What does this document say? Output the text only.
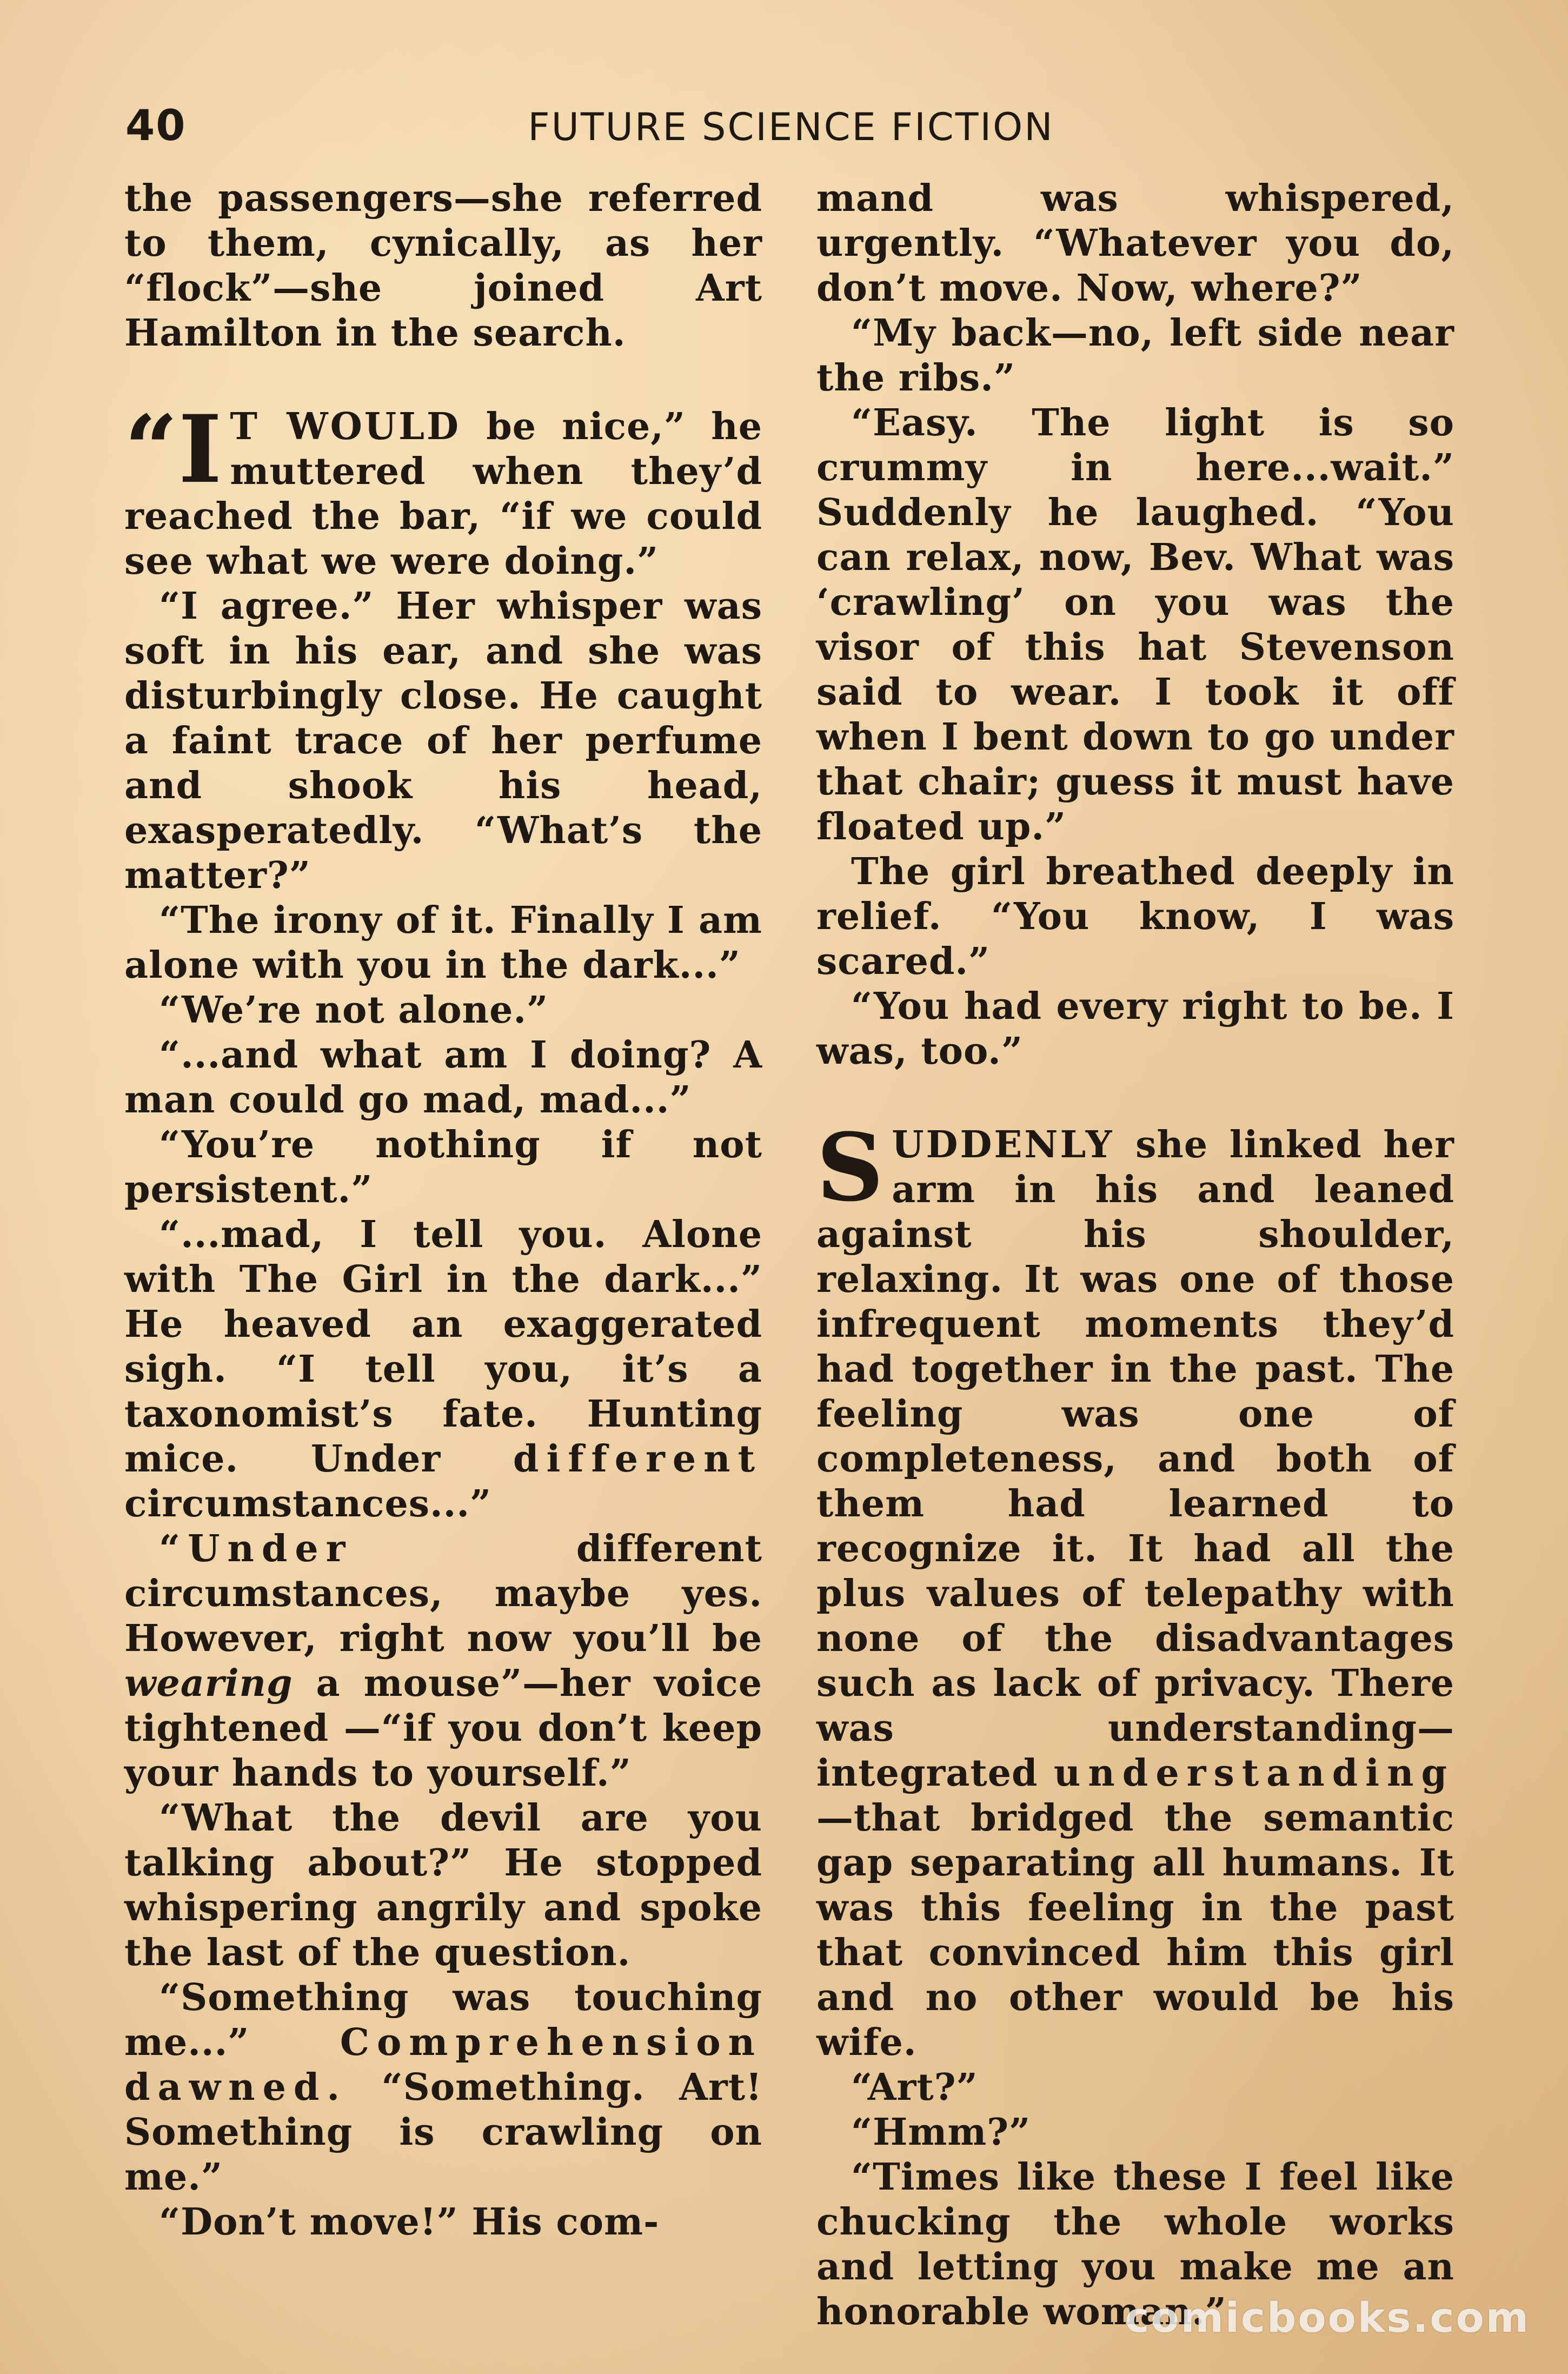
40	FUTURE SCIENCE FICTION

the passengers—she referred to them, cynically, as her “flock”—she joined Art Hamilton in the search.

“I T WOULD be nice,” he muttered when they’d reached the bar, “if we could see what we were doing.”

“I agree.” Her whisper was soft in his ear, and she was disturbingly close. He caught a faint trace of her perfume and shook his head, exasperatedly. “What’s the matter?”

“The irony of it. Finally I am alone with you in the dark...”

“We’re not alone.”

“...and what am I doing? A man could go mad, mad...”

“You’re nothing if not persistent.”

“...mad, I tell you. Alone with The Girl in the dark...” He heaved an exaggerated sigh. “I tell you, it’s a taxonomist’s fate. Hunting mice. Under different circumstances...”

“Under different circumstances, maybe yes. However, right now you’ll be wearing a mouse”—her voice tightened —“if you don’t keep your hands to yourself.”

“What the devil are you talking about?” He stopped whispering angrily and spoke the last of the question.

“Something was touching me...” Comprehension dawned. “Something. Art! Something is crawling on me.”

“Don’t move!” His com-

mand was whispered, urgently. “Whatever you do, don’t move. Now, where?”

“My back—no, left side near the ribs.”

“Easy. The light is so crummy in here...wait.” Suddenly he laughed. “You can relax, now, Bev. What was ‘crawling’ on you was the visor of this hat Stevenson said to wear. I took it off when I bent down to go under that chair; guess it must have floated up.”

The girl breathed deeply in relief. “You know, I was scared.”

“You had every right to be. I was, too.”

SUDDENLY she linked her arm in his and leaned against his shoulder, relaxing. It was one of those infrequent moments they’d had together in the past. The feeling was one of completeness, and both of them had learned to recognize it. It had all the plus values of telepathy with none of the disadvantages such as lack of privacy. There was understanding—integrated understanding—that bridged the semantic gap separating all humans. It was this feeling in the past that convinced him this girl and no other would be his wife.

“Art?”

“Hmm?”

“Times like these I feel like chucking the whole works and letting you make me an honorable woman.”

comicbooks.com
